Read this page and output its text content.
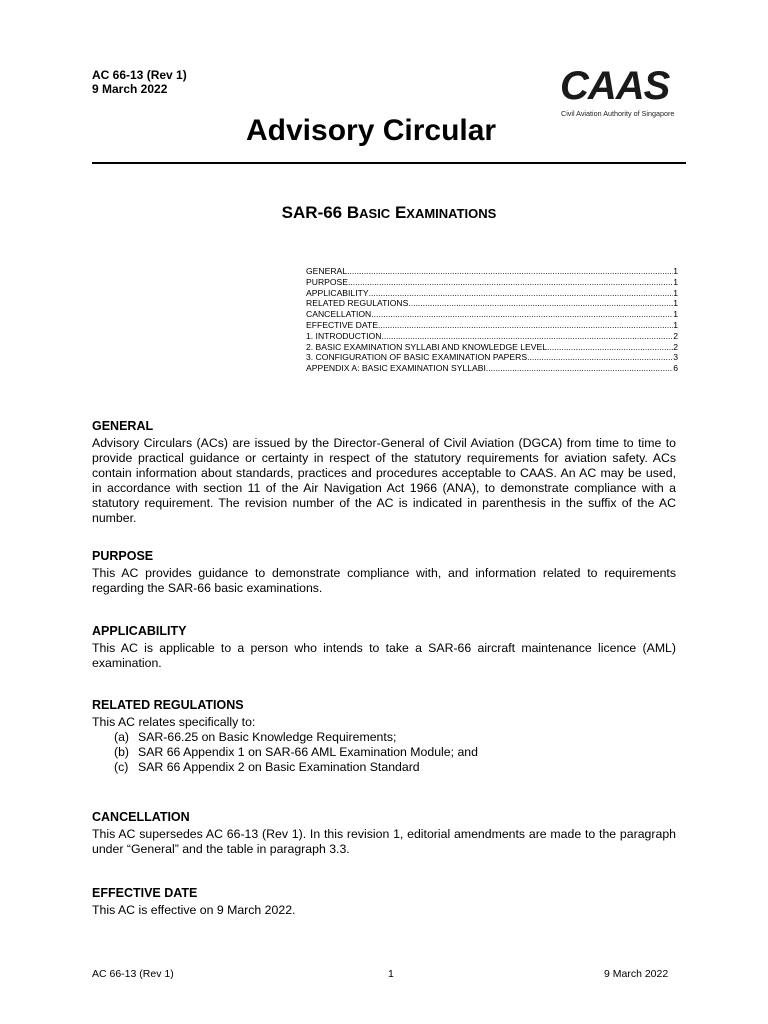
AC 66-13 (Rev 1)
9 March 2022	CAAS
Civil Aviation Authority of Singapore
Advisory Circular
SAR-66 BASIC EXAMINATIONS
GENERAL .....	1
PURPOSE .....	1
APPLICABILITY .....	1
RELATED REGULATIONS .....	1
CANCELLATION .....	1
EFFECTIVE DATE .....	1
1. INTRODUCTION .....	2
2. BASIC EXAMINATION SYLLABI AND KNOWLEDGE LEVEL .....	2
3. CONFIGURATION OF BASIC EXAMINATION PAPERS .....	3
APPENDIX A: BASIC EXAMINATION SYLLABI .....	6
GENERAL
Advisory Circulars (ACs) are issued by the Director-General of Civil Aviation (DGCA) from time to time to provide practical guidance or certainty in respect of the statutory requirements for aviation safety. ACs contain information about standards, practices and procedures acceptable to CAAS. An AC may be used, in accordance with section 11 of the Air Navigation Act 1966 (ANA), to demonstrate compliance with a statutory requirement. The revision number of the AC is indicated in parenthesis in the suffix of the AC number.
PURPOSE
This AC provides guidance to demonstrate compliance with, and information related to requirements regarding the SAR-66 basic examinations.
APPLICABILITY
This AC is applicable to a person who intends to take a SAR-66 aircraft maintenance licence (AML) examination.
RELATED REGULATIONS
This AC relates specifically to:
(a) SAR-66.25 on Basic Knowledge Requirements;
(b) SAR 66 Appendix 1 on SAR-66 AML Examination Module; and
(c) SAR 66 Appendix 2 on Basic Examination Standard
CANCELLATION
This AC supersedes AC 66-13 (Rev 1). In this revision 1, editorial amendments are made to the paragraph under “General” and the table in paragraph 3.3.
EFFECTIVE DATE
This AC is effective on 9 March 2022.
AC 66-13 (Rev 1)	1	9 March 2022
